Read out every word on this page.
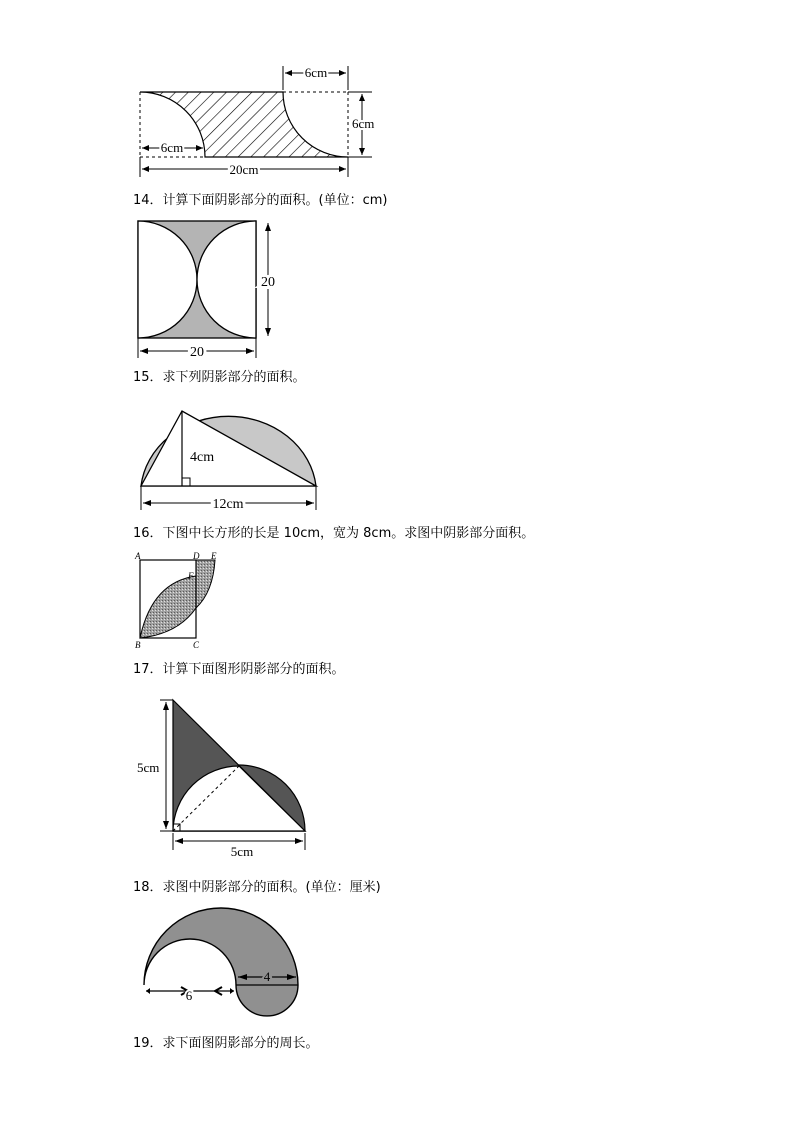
6cm
6cm
6cm
20cm
14．计算下面阴影部分的面积。(单位：cm)
20
20
15．求下列阴影部分的面积。
4cm
12cm
16．下图中长方形的长是 10cm，宽为 8cm。求图中阴影部分面积。
A	D E
F
B	C
17．计算下面图形阴影部分的面积。
5cm
5cm
18．求图中阴影部分的面积。(单位：厘米)
4
6
19．求下面图阴影部分的周长。
